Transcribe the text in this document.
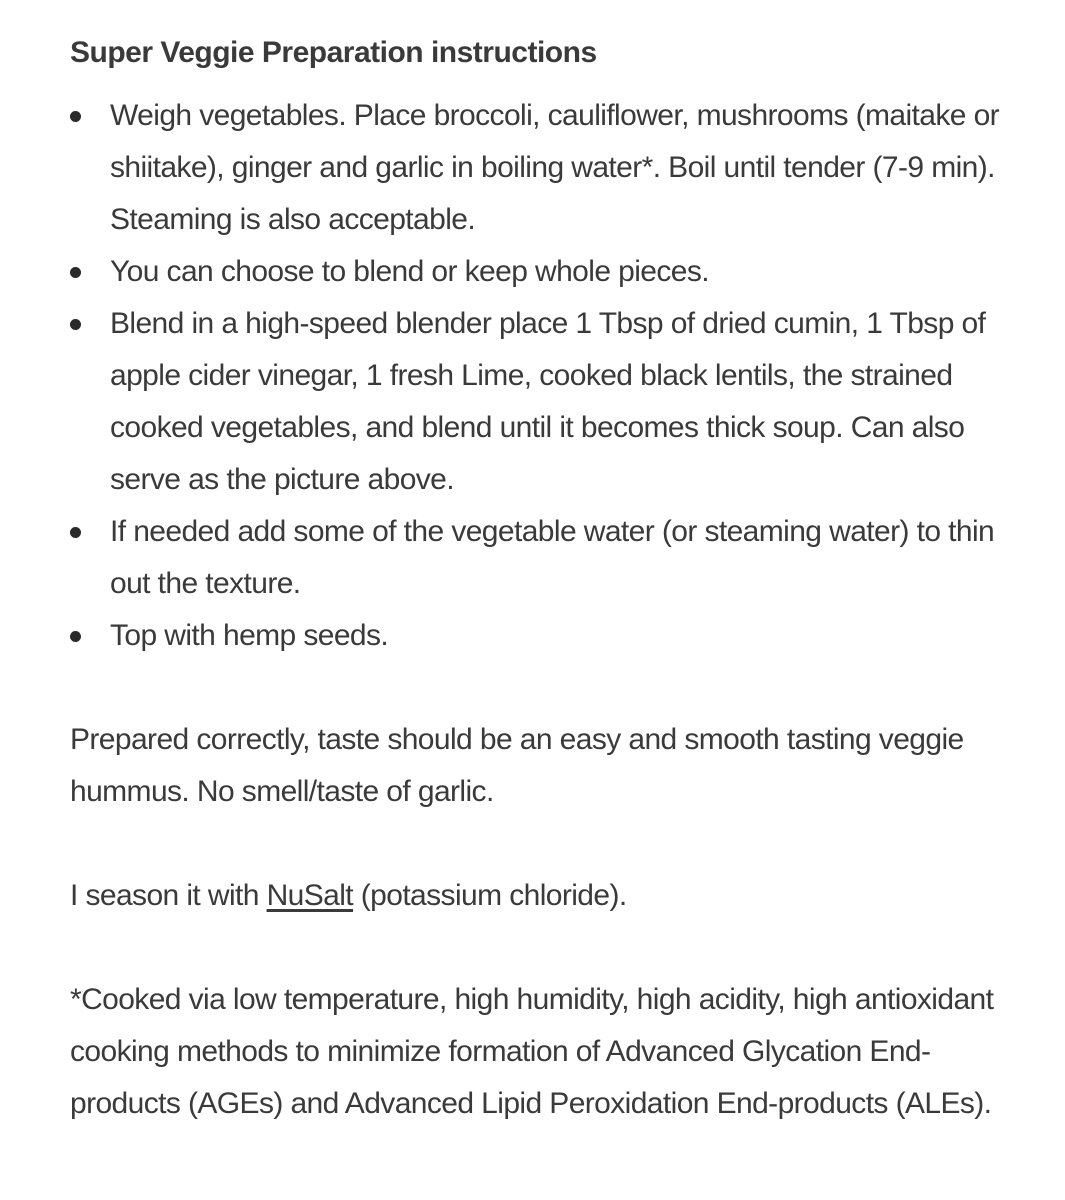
Super Veggie Preparation instructions
Weigh vegetables. Place broccoli, cauliflower, mushrooms (maitake or shiitake), ginger and garlic in boiling water*. Boil until tender (7-9 min). Steaming is also acceptable.
You can choose to blend or keep whole pieces.
Blend in a high-speed blender place 1 Tbsp of dried cumin, 1 Tbsp of apple cider vinegar, 1 fresh Lime, cooked black lentils, the strained cooked vegetables, and blend until it becomes thick soup. Can also serve as the picture above.
If needed add some of the vegetable water (or steaming water) to thin out the texture.
Top with hemp seeds.

Prepared correctly, taste should be an easy and smooth tasting veggie hummus. No smell/taste of garlic.

I season it with NuSalt (potassium chloride).

*Cooked via low temperature, high humidity, high acidity, high antioxidant cooking methods to minimize formation of Advanced Glycation End-products (AGEs) and Advanced Lipid Peroxidation End-products (ALEs).
